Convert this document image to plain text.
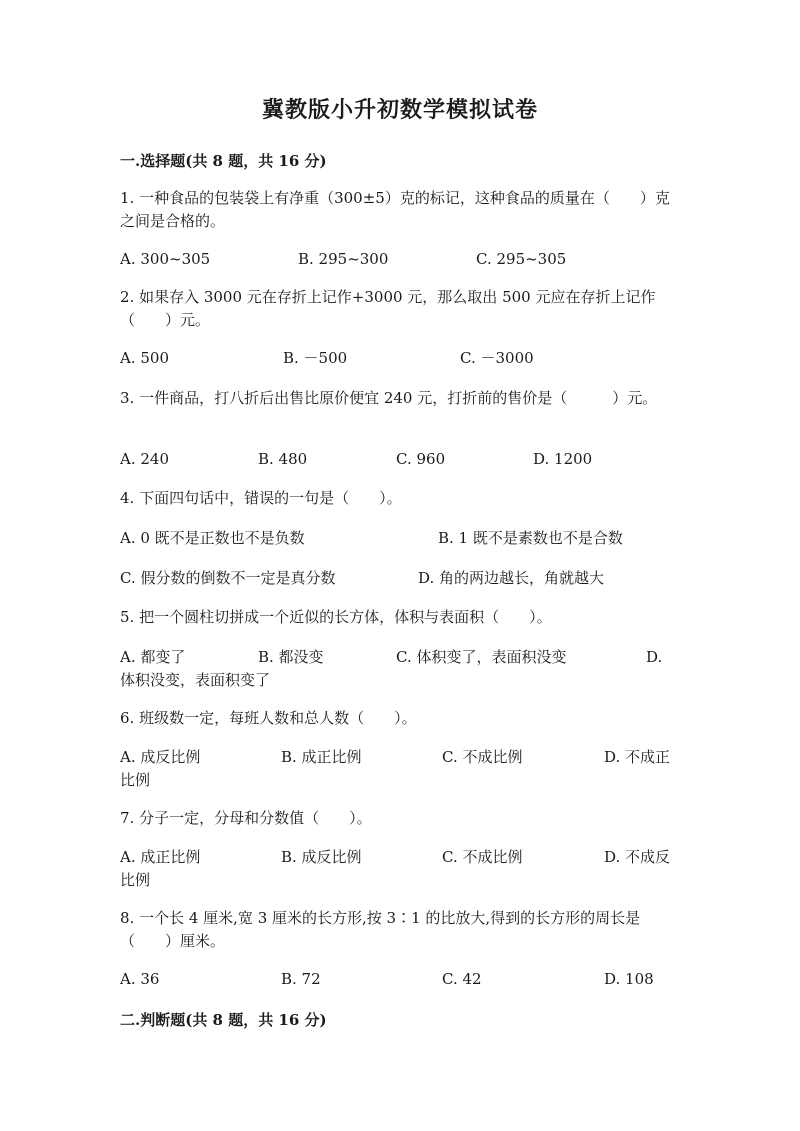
冀教版小升初数学模拟试卷
一.选择题(共 8 题，共 16 分)
1. 一种食品的包装袋上有净重（300±5）克的标记，这种食品的质量在（　　）克之间是合格的。
A. 300~305	B. 295~300	C. 295~305
2. 如果存入 3000 元在存折上记作+3000 元，那么取出 500 元应在存折上记作（　　）元。
A. 500	B. －500	C. －3000
3. 一件商品，打八折后出售比原价便宜 240 元，打折前的售价是（　　　）元。
A. 240	B. 480	C. 960	D. 1200
4. 下面四句话中，错误的一句是（　　）。
A. 0 既不是正数也不是负数	B. 1 既不是素数也不是合数
C. 假分数的倒数不一定是真分数	D. 角的两边越长，角就越大
5. 把一个圆柱切拼成一个近似的长方体，体积与表面积（　　）。
A. 都变了	B. 都没变	C. 体积变了，表面积没变	D. 体积没变，表面积变了
6. 班级数一定，每班人数和总人数（　　）。
A. 成反比例	B. 成正比例	C. 不成比例	D. 不成正比例
7. 分子一定，分母和分数值（　　）。
A. 成正比例	B. 成反比例	C. 不成比例	D. 不成反比例
8. 一个长 4 厘米,宽 3 厘米的长方形,按 3∶1 的比放大,得到的长方形的周长是（　　）厘米。
A. 36	B. 72	C. 42	D. 108
二.判断题(共 8 题，共 16 分)
